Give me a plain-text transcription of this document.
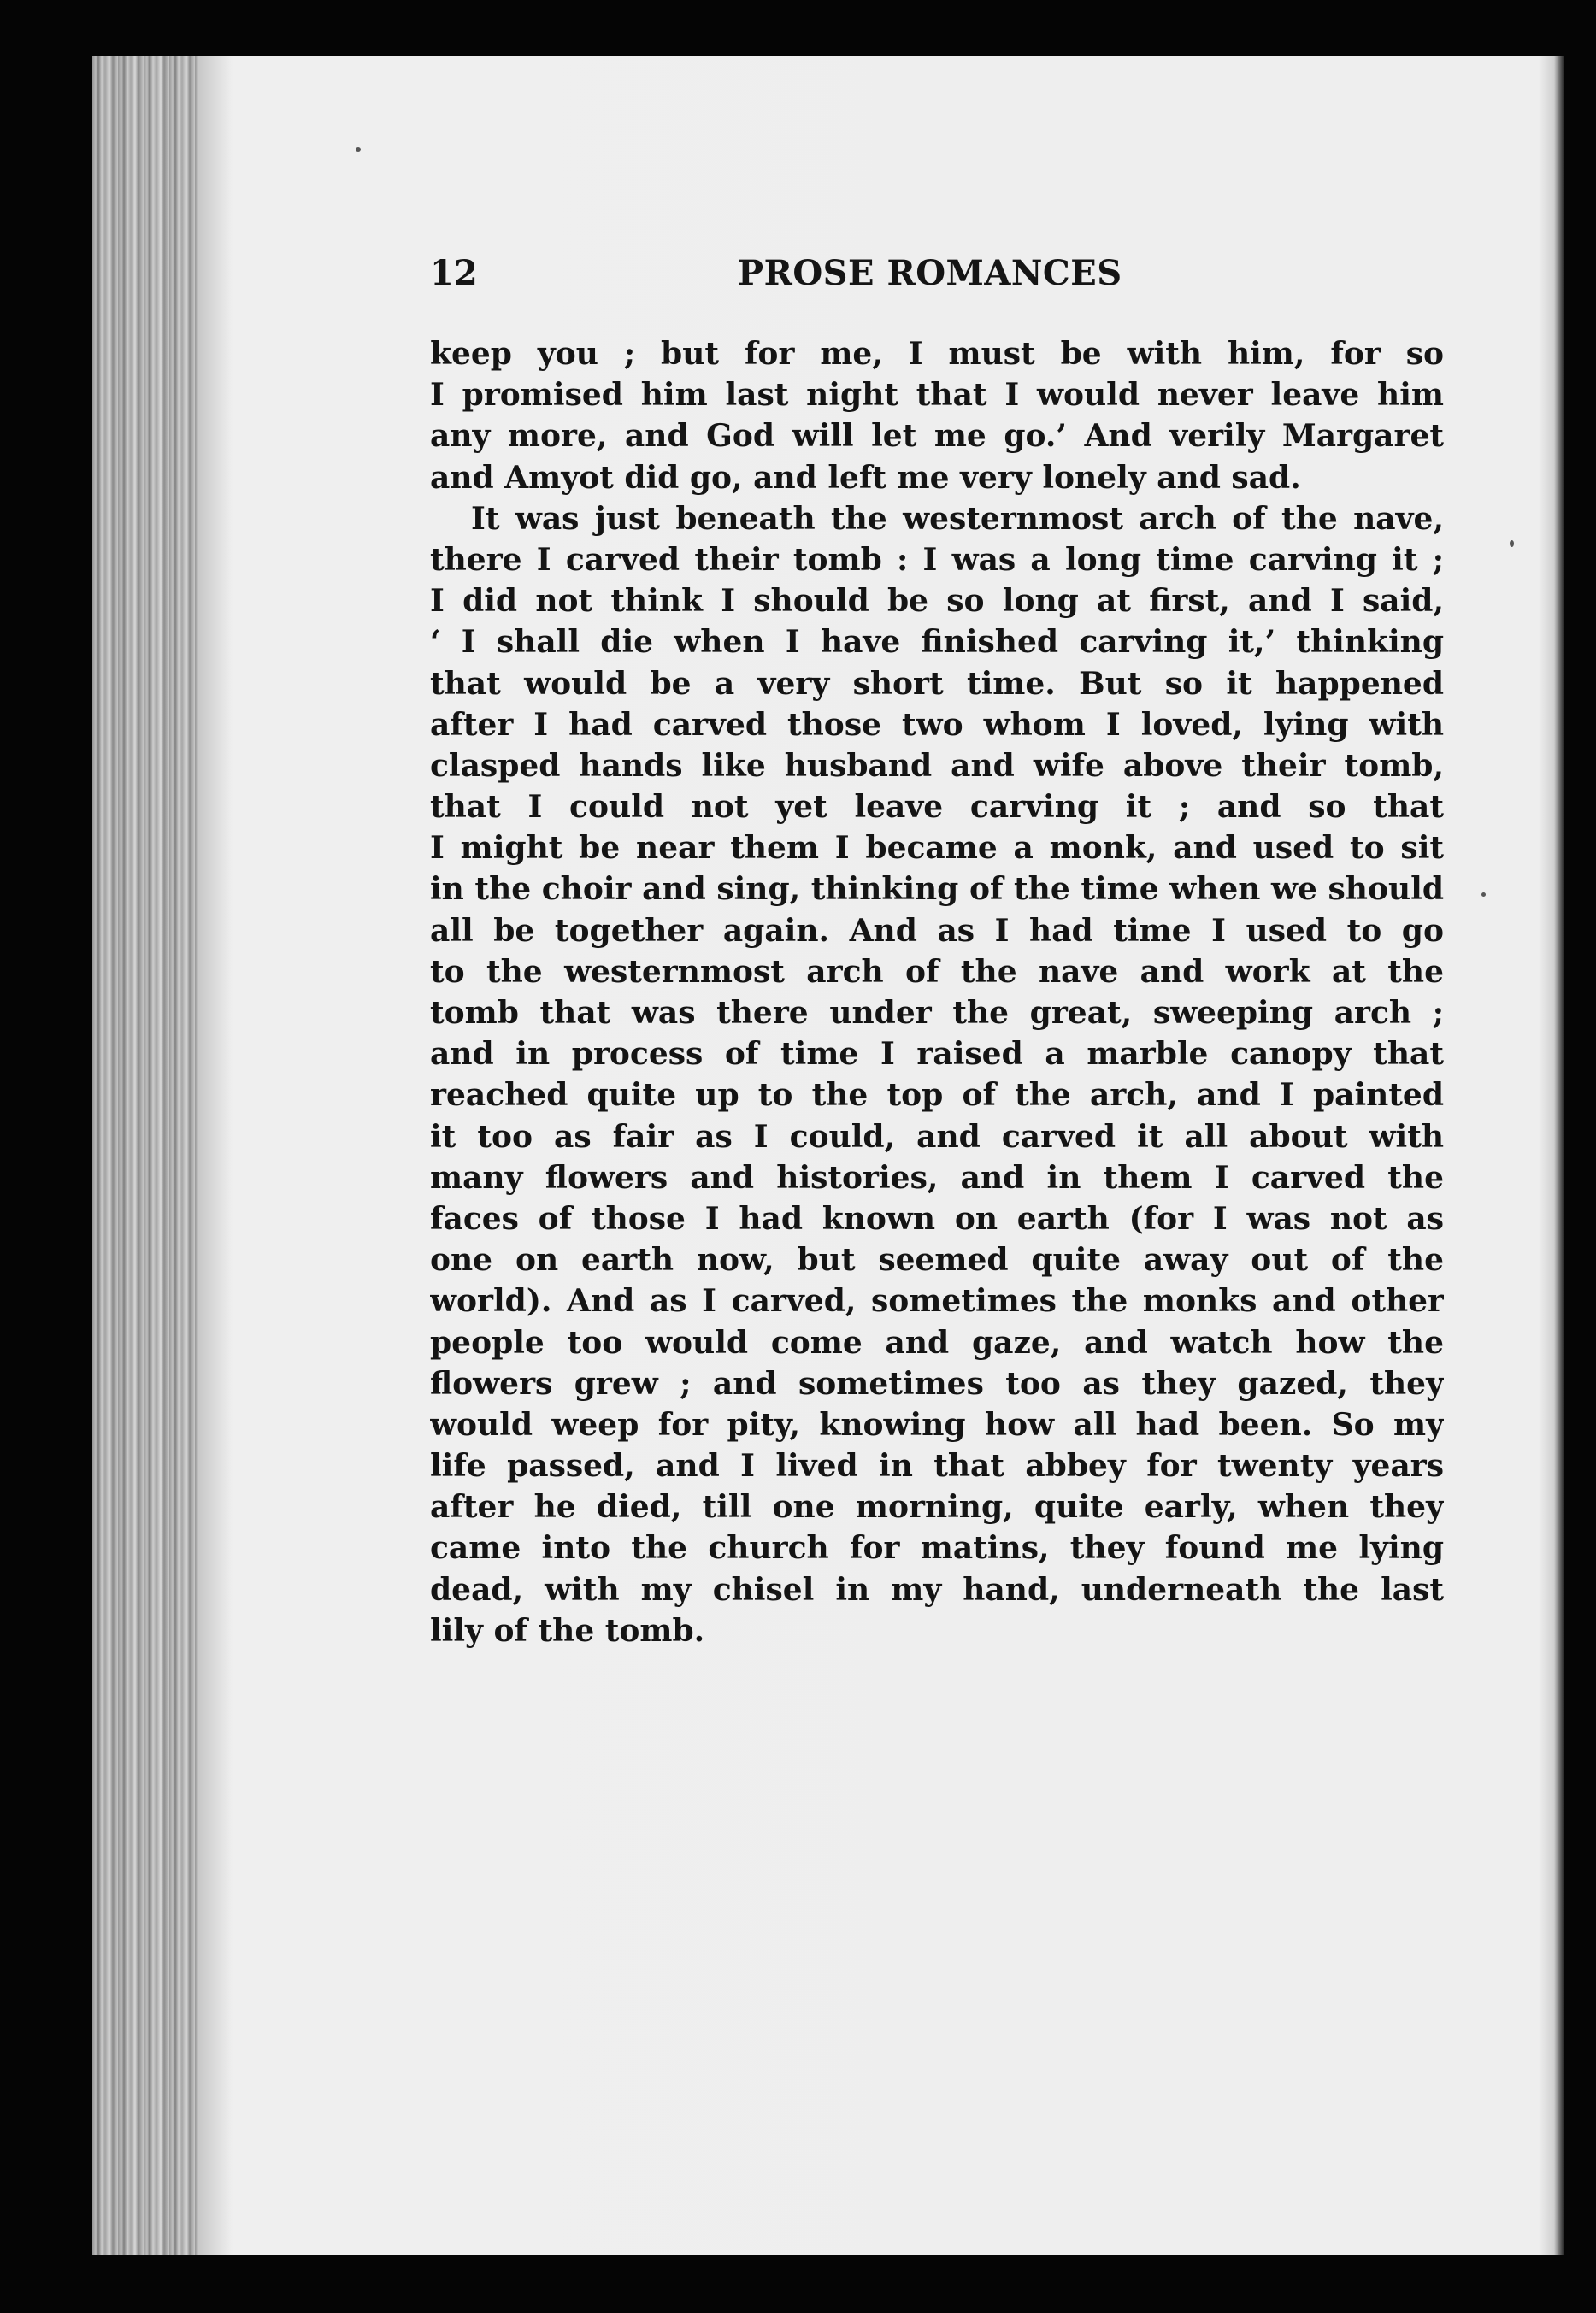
12	PROSE ROMANCES
keep you ; but for me, I must be with him, for so
I promised him last night that I would never leave him
any more, and God will let me go.’ And verily Margaret
and Amyot did go, and left me very lonely and sad.
It was just beneath the westernmost arch of the nave,
there I carved their tomb : I was a long time carving it ;
I did not think I should be so long at first, and I said,
‘ I shall die when I have finished carving it,’ thinking
that would be a very short time. But so it happened
after I had carved those two whom I loved, lying with
clasped hands like husband and wife above their tomb,
that I could not yet leave carving it ; and so that
I might be near them I became a monk, and used to sit
in the choir and sing, thinking of the time when we should
all be together again. And as I had time I used to go
to the westernmost arch of the nave and work at the
tomb that was there under the great, sweeping arch ;
and in process of time I raised a marble canopy that
reached quite up to the top of the arch, and I painted
it too as fair as I could, and carved it all about with
many flowers and histories, and in them I carved the
faces of those I had known on earth (for I was not as
one on earth now, but seemed quite away out of the
world). And as I carved, sometimes the monks and other
people too would come and gaze, and watch how the
flowers grew ; and sometimes too as they gazed, they
would weep for pity, knowing how all had been. So my
life passed, and I lived in that abbey for twenty years
after he died, till one morning, quite early, when they
came into the church for matins, they found me lying
dead, with my chisel in my hand, underneath the last
lily of the tomb.
